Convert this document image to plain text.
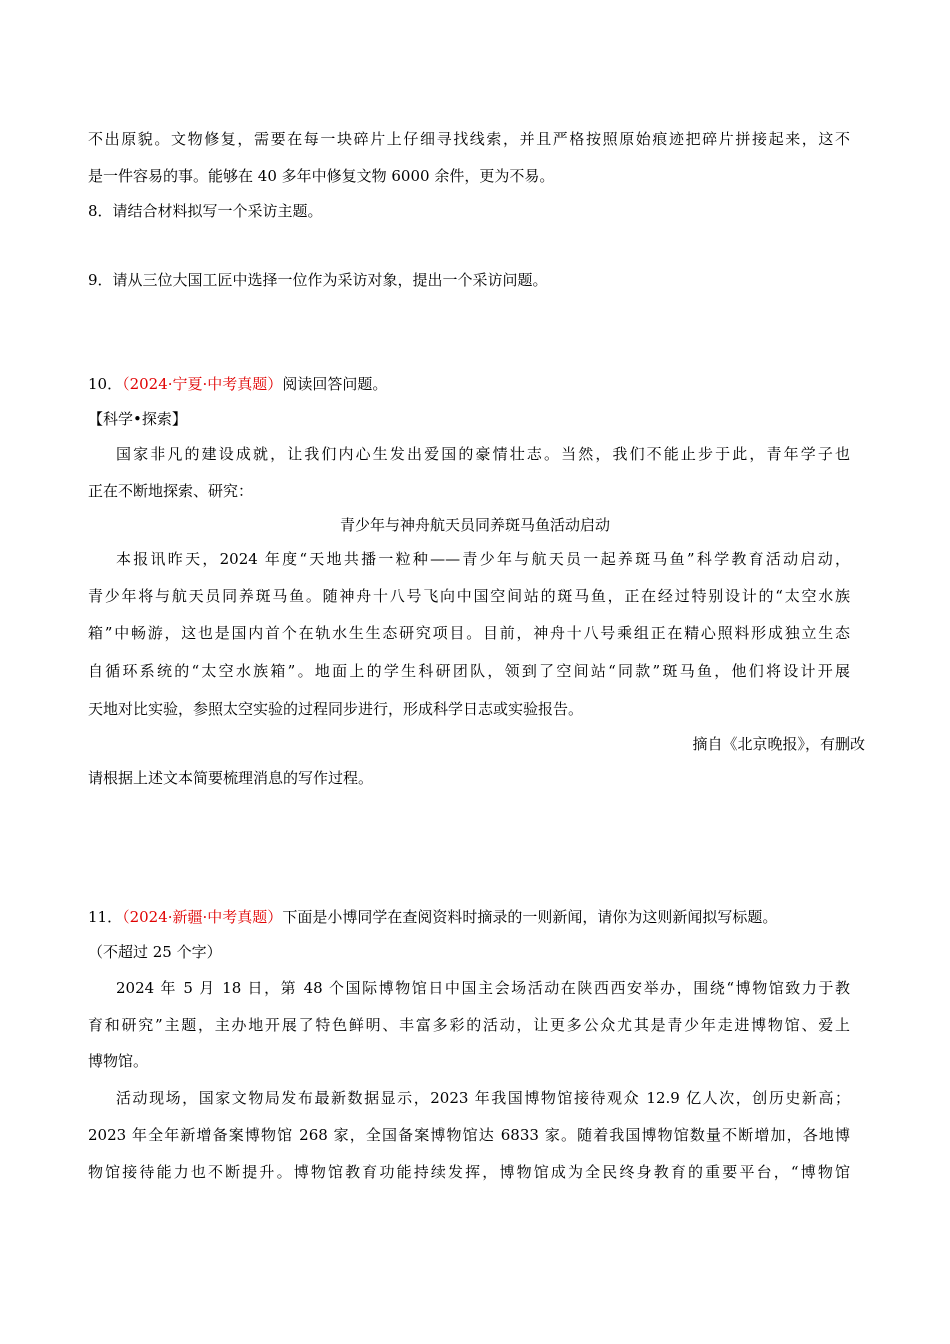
不出原貌。文物修复，需要在每一块碎片上仔细寻找线索，并且严格按照原始痕迹把碎片拼接起来，这不
是一件容易的事。能够在 40 多年中修复文物 6000 余件，更为不易。
8．请结合材料拟写一个采访主题。
9．请从三位大国工匠中选择一位作为采访对象，提出一个采访问题。
10．（2024·宁夏·中考真题）阅读回答问题。
【科学•探索】
国家非凡的建设成就，让我们内心生发出爱国的豪情壮志。当然，我们不能止步于此，青年学子也
正在不断地探索、研究：
青少年与神舟航天员同养斑马鱼活动启动
本报讯昨天，2024 年度“天地共播一粒种——青少年与航天员一起养斑马鱼”科学教育活动启动，
青少年将与航天员同养斑马鱼。随神舟十八号飞向中国空间站的斑马鱼，正在经过特别设计的“太空水族
箱”中畅游，这也是国内首个在轨水生生态研究项目。目前，神舟十八号乘组正在精心照料形成独立生态
自循环系统的“太空水族箱”。地面上的学生科研团队，领到了空间站“同款”斑马鱼，他们将设计开展
天地对比实验，参照太空实验的过程同步进行，形成科学日志或实验报告。
摘自《北京晚报》，有删改
请根据上述文本简要梳理消息的写作过程。
11．（2024·新疆·中考真题）下面是小博同学在查阅资料时摘录的一则新闻，请你为这则新闻拟写标题。
（不超过 25 个字）
2024 年 5 月 18 日，第 48 个国际博物馆日中国主会场活动在陕西西安举办，围绕“博物馆致力于教
育和研究”主题，主办地开展了特色鲜明、丰富多彩的活动，让更多公众尤其是青少年走进博物馆、爱上
博物馆。
活动现场，国家文物局发布最新数据显示，2023 年我国博物馆接待观众 12.9 亿人次，创历史新高；
2023 年全年新增备案博物馆 268 家，全国备案博物馆达 6833 家。随着我国博物馆数量不断增加，各地博
物馆接待能力也不断提升。博物馆教育功能持续发挥，博物馆成为全民终身教育的重要平台，“博物馆
